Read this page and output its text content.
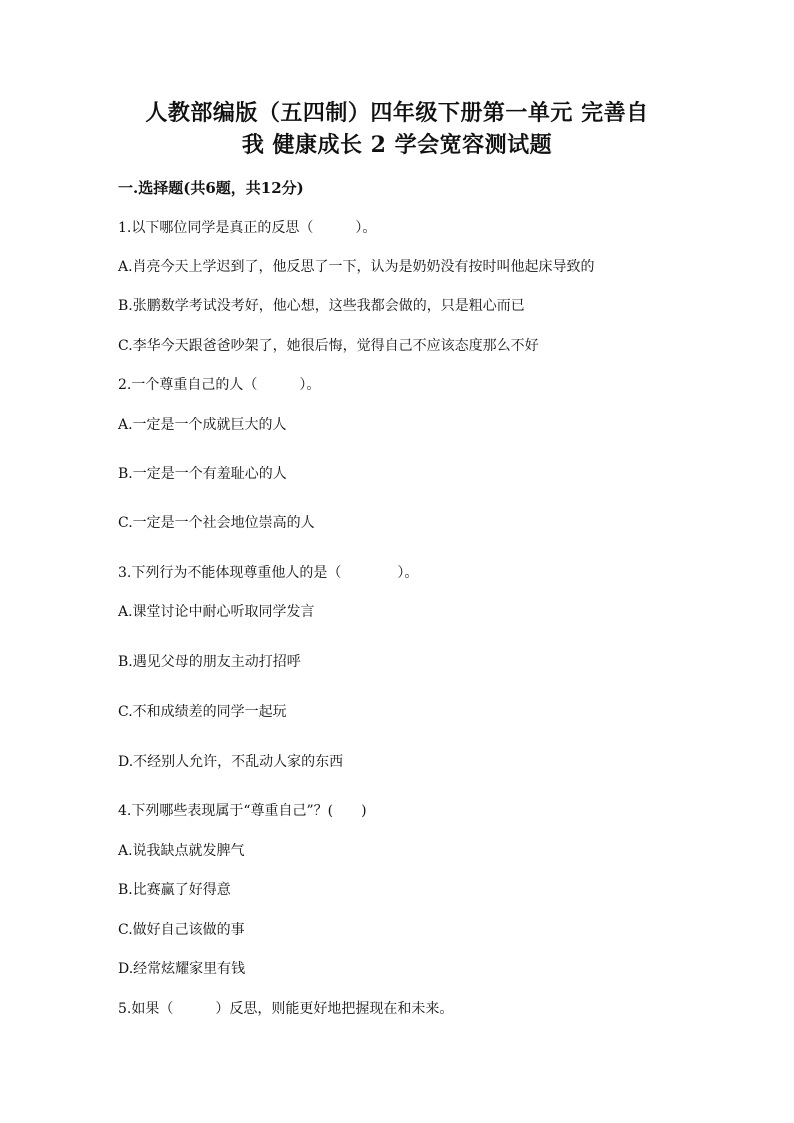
人教部编版（五四制）四年级下册第一单元 完善自
我 健康成长 2 学会宽容测试题
一.选择题(共6题，共12分)
1.以下哪位同学是真正的反思（　　　）。
A.肖亮今天上学迟到了，他反思了一下，认为是奶奶没有按时叫他起床导致的
B.张鹏数学考试没考好，他心想，这些我都会做的，只是粗心而已
C.李华今天跟爸爸吵架了，她很后悔，觉得自己不应该态度那么不好
2.一个尊重自己的人（　　　）。
A.一定是一个成就巨大的人
B.一定是一个有羞耻心的人
C.一定是一个社会地位崇高的人
3.下列行为不能体现尊重他人的是（　　　　）。
A.课堂讨论中耐心听取同学发言
B.遇见父母的朋友主动打招呼
C.不和成绩差的同学一起玩
D.不经别人允许，不乱动人家的东西
4.下列哪些表现属于“尊重自己”？(　　)
A.说我缺点就发脾气
B.比赛赢了好得意
C.做好自己该做的事
D.经常炫耀家里有钱
5.如果（　　　）反思，则能更好地把握现在和未来。
